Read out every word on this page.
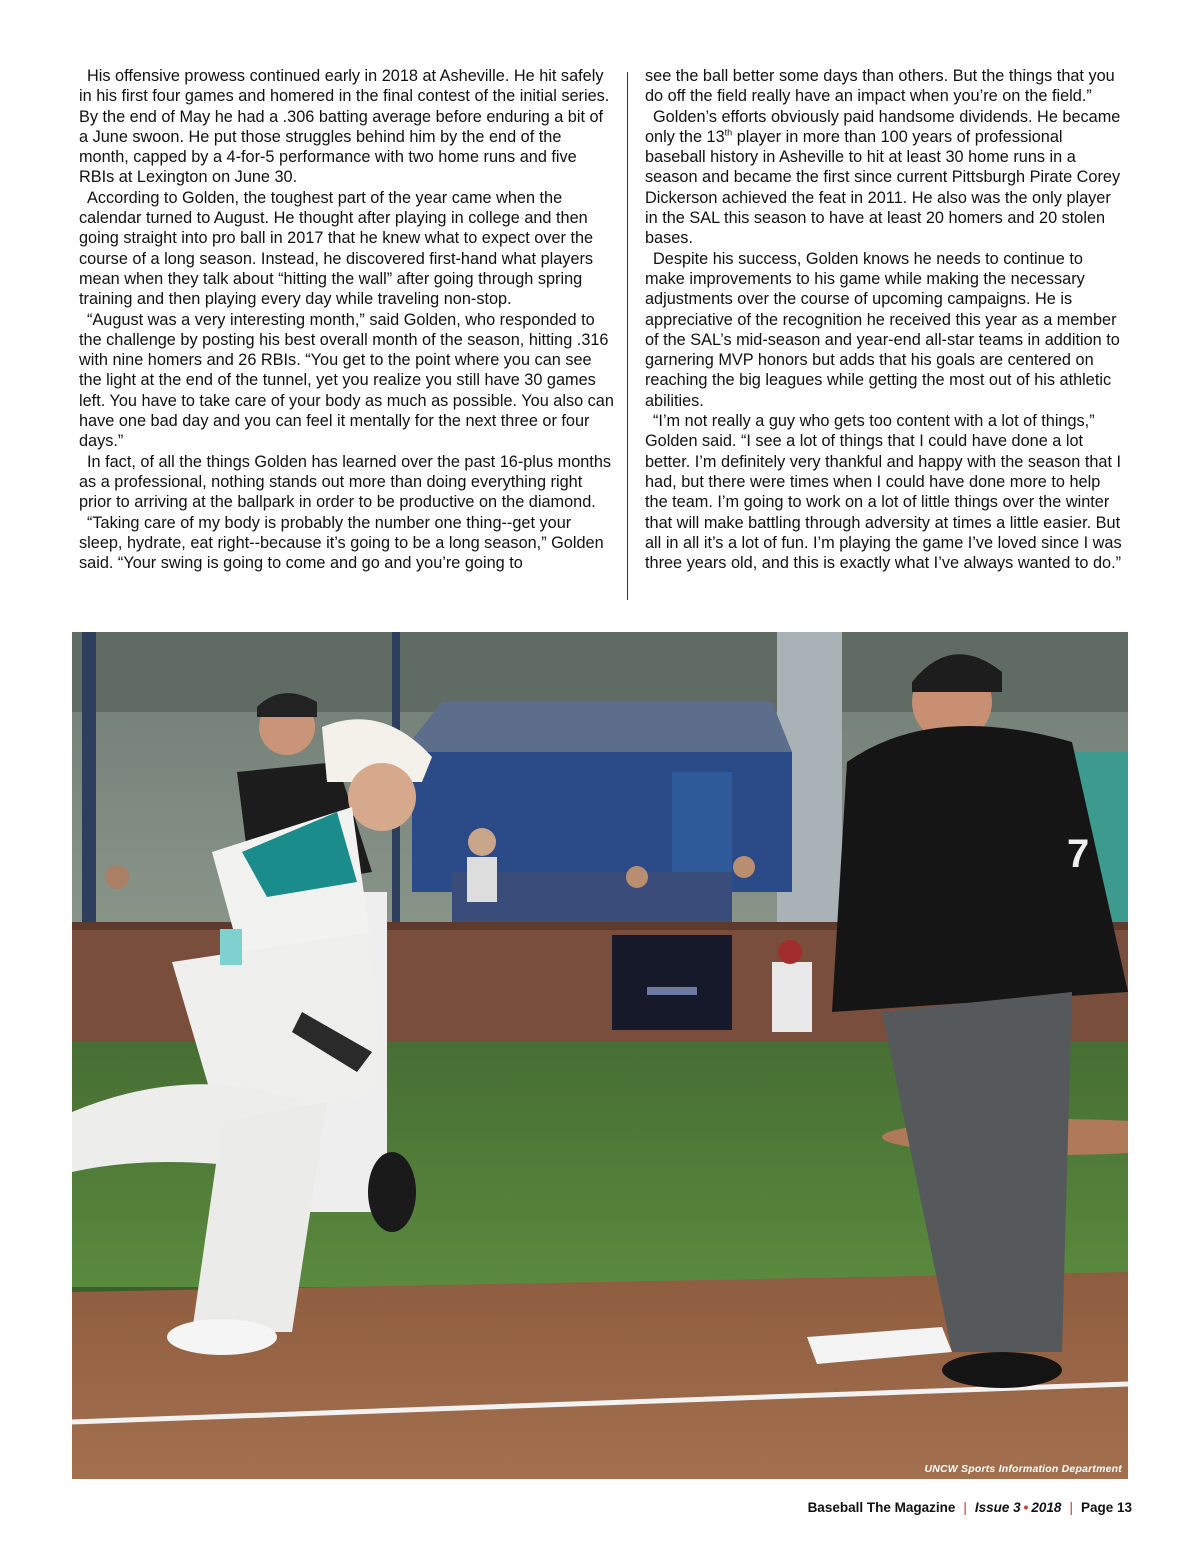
His offensive prowess continued early in 2018 at Asheville. He hit safely in his first four games and homered in the final contest of the initial series. By the end of May he had a .306 batting average before enduring a bit of a June swoon. He put those struggles behind him by the end of the month, capped by a 4-for-5 performance with two home runs and five RBIs at Lexington on June 30.

According to Golden, the toughest part of the year came when the calendar turned to August. He thought after playing in college and then going straight into pro ball in 2017 that he knew what to expect over the course of a long season. Instead, he discovered first-hand what players mean when they talk about “hitting the wall” after going through spring training and then playing every day while traveling non-stop.

“August was a very interesting month,” said Golden, who responded to the challenge by posting his best overall month of the season, hitting .316 with nine homers and 26 RBIs. “You get to the point where you can see the light at the end of the tunnel, yet you realize you still have 30 games left. You have to take care of your body as much as possible. You also can have one bad day and you can feel it mentally for the next three or four days.”

In fact, of all the things Golden has learned over the past 16-plus months as a professional, nothing stands out more than doing everything right prior to arriving at the ballpark in order to be productive on the diamond.

“Taking care of my body is probably the number one thing--get your sleep, hydrate, eat right--because it’s going to be a long season,” Golden said. “Your swing is going to come and go and you’re going to

see the ball better some days than others. But the things that you do off the field really have an impact when you’re on the field.”

Golden’s efforts obviously paid handsome dividends. He became only the 13th player in more than 100 years of professional baseball history in Asheville to hit at least 30 home runs in a season and became the first since current Pittsburgh Pirate Corey Dickerson achieved the feat in 2011. He also was the only player in the SAL this season to have at least 20 homers and 20 stolen bases.

Despite his success, Golden knows he needs to continue to make improvements to his game while making the necessary adjustments over the course of upcoming campaigns. He is appreciative of the recognition he received this year as a member of the SAL’s mid-season and year-end all-star teams in addition to garnering MVP honors but adds that his goals are centered on reaching the big leagues while getting the most out of his athletic abilities.

“I’m not really a guy who gets too content with a lot of things,” Golden said. “I see a lot of things that I could have done a lot better. I’m definitely very thankful and happy with the season that I had, but there were times when I could have done more to help the team. I’m going to work on a lot of little things over the winter that will make battling through adversity at times a little easier. But all in all it’s a lot of fun. I’m playing the game I’ve loved since I was three years old, and this is exactly what I’ve always wanted to do.”

7
UNCW Sports Information Department
Baseball The Magazine | Issue 3 • 2018 | Page 13
